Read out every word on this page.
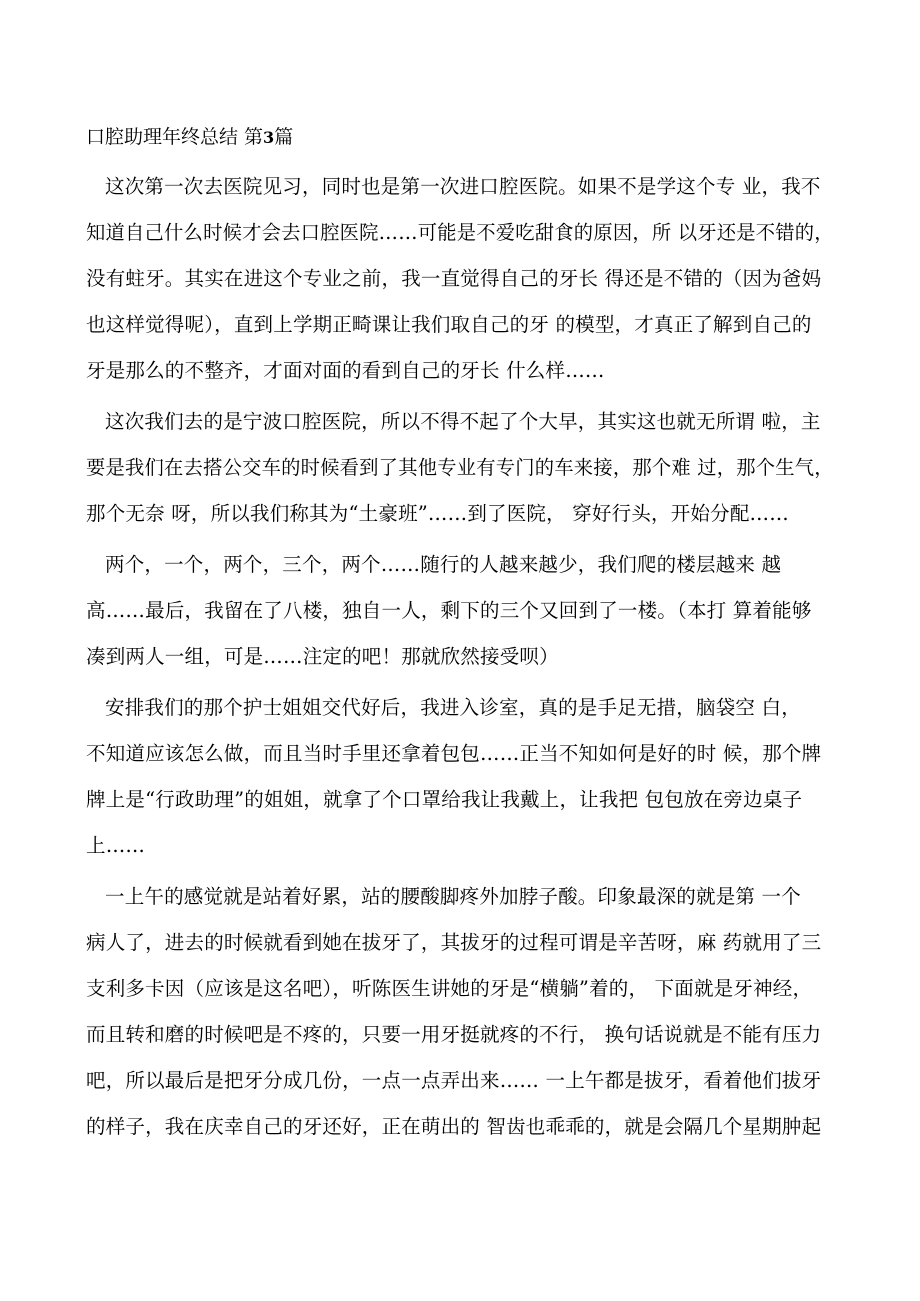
口腔助理年终总结 第3篇
这次第一次去医院见习，同时也是第一次进口腔医院。如果不是学这个专 业，我不
知道自己什么时候才会去口腔医院……可能是不爱吃甜食的原因，所 以牙还是不错的，
没有蛀牙。其实在进这个专业之前，我一直觉得自己的牙长 得还是不错的（因为爸妈
也这样觉得呢），直到上学期正畸课让我们取自己的牙 的模型，才真正了解到自己的
牙是那么的不整齐，才面对面的看到自己的牙长 什么样……
这次我们去的是宁波口腔医院，所以不得不起了个大早，其实这也就无所谓 啦，主
要是我们在去搭公交车的时候看到了其他专业有专门的车来接，那个难 过，那个生气，
那个无奈 呀，所以我们称其为“土豪班”……到了医院， 穿好行头，开始分配……
两个，一个，两个，三个，两个……随行的人越来越少，我们爬的楼层越来 越
高……最后，我留在了八楼，独自一人，剩下的三个又回到了一楼。（本打 算着能够
凑到两人一组，可是……注定的吧！那就欣然接受呗）
安排我们的那个护士姐姐交代好后，我进入诊室，真的是手足无措，脑袋空 白，
不知道应该怎么做，而且当时手里还拿着包包……正当不知如何是好的时 候，那个牌
牌上是“行政助理”的姐姐，就拿了个口罩给我让我戴上，让我把 包包放在旁边桌子
上……
一上午的感觉就是站着好累，站的腰酸脚疼外加脖子酸。印象最深的就是第 一个
病人了，进去的时候就看到她在拔牙了，其拔牙的过程可谓是辛苦呀，麻 药就用了三
支利多卡因（应该是这名吧），听陈医生讲她的牙是“横躺”着的， 下面就是牙神经，
而且转和磨的时候吧是不疼的，只要一用牙挺就疼的不行， 换句话说就是不能有压力
吧，所以最后是把牙分成几份，一点一点弄出来…… 一上午都是拔牙，看着他们拔牙
的样子，我在庆幸自己的牙还好，正在萌出的 智齿也乖乖的，就是会隔几个星期肿起
